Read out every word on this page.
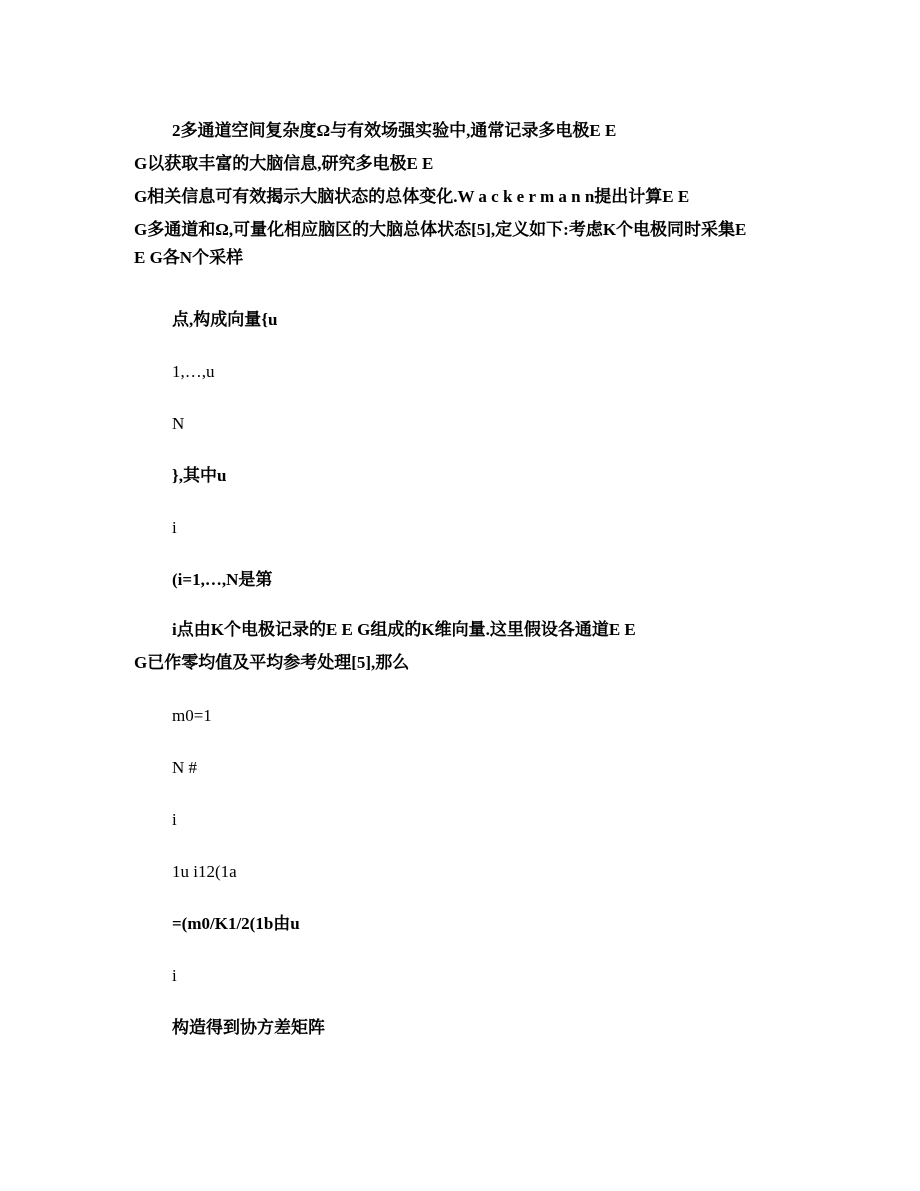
2多通道空间复杂度Ω与有效场强实验中,通常记录多电极E E
G以获取丰富的大脑信息,研究多电极E E
G相关信息可有效揭示大脑状态的总体变化.W a c k e r m a n n提出计算E E
G多通道和Ω,可量化相应脑区的大脑总体状态[5],定义如下:考虑K个电极同时采集E
E G各N个采样
点,构成向量{u
1,…,u
N
},其中u
i
(i=1,…,N是第
i点由K个电极记录的E E G组成的K维向量.这里假设各通道E E
G已作零均值及平均参考处理[5],那么
m0=1
N #
i
1u i12(1a
=(m0/K1/2(1b由u
i
构造得到协方差矩阵
